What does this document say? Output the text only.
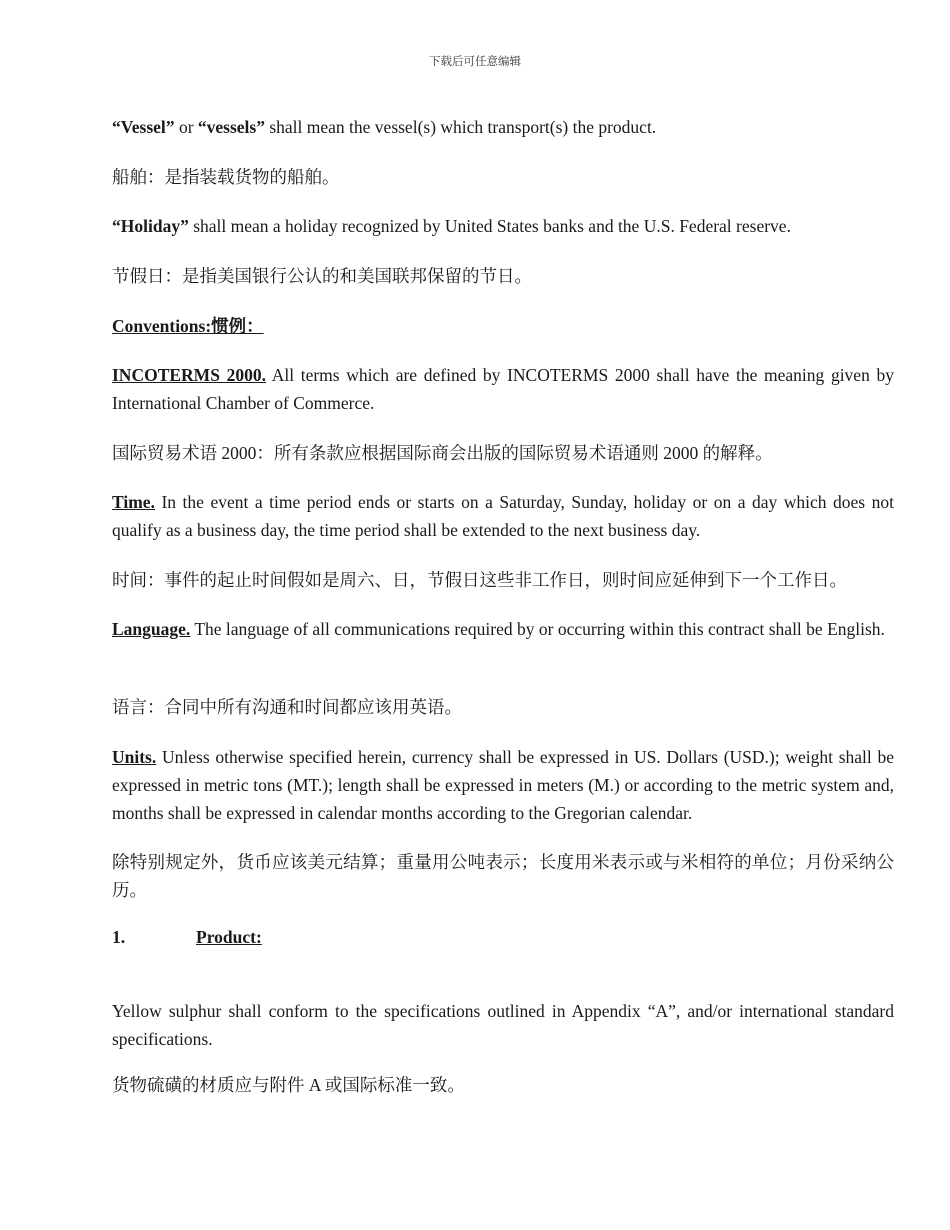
下载后可任意编辑

“Vessel” or “vessels” shall mean the vessel(s) which transport(s) the product.

船舶：是指装载货物的船舶。

“Holiday” shall mean a holiday recognized by United States banks and the U.S. Federal reserve.

节假日：是指美国银行公认的和美国联邦保留的节日。

Conventions:惯例：

INCOTERMS 2000. All terms which are defined by INCOTERMS 2000 shall have the meaning given by International Chamber of Commerce.

国际贸易术语 2000：所有条款应根据国际商会出版的国际贸易术语通则 2000 的解释。

Time. In the event a time period ends or starts on a Saturday, Sunday, holiday or on a day which does not qualify as a business day, the time period shall be extended to the next business day.

时间：事件的起止时间假如是周六、日，节假日这些非工作日，则时间应延伸到下一个工作日。

Language. The language of all communications required by or occurring within this contract shall be English.

语言：合同中所有沟通和时间都应该用英语。

Units. Unless otherwise specified herein, currency shall be expressed in US. Dollars (USD.); weight shall be expressed in metric tons (MT.); length shall be expressed in meters (M.) or according to the metric system and, months shall be expressed in calendar months according to the Gregorian calendar.

除特别规定外，货币应该美元结算；重量用公吨表示；长度用米表示或与米相符的单位；月份采纳公历。

1.	Product:

Yellow sulphur shall conform to the specifications outlined in Appendix “A”, and/or international standard specifications.

货物硫磺的材质应与附件 A 或国际标准一致。
